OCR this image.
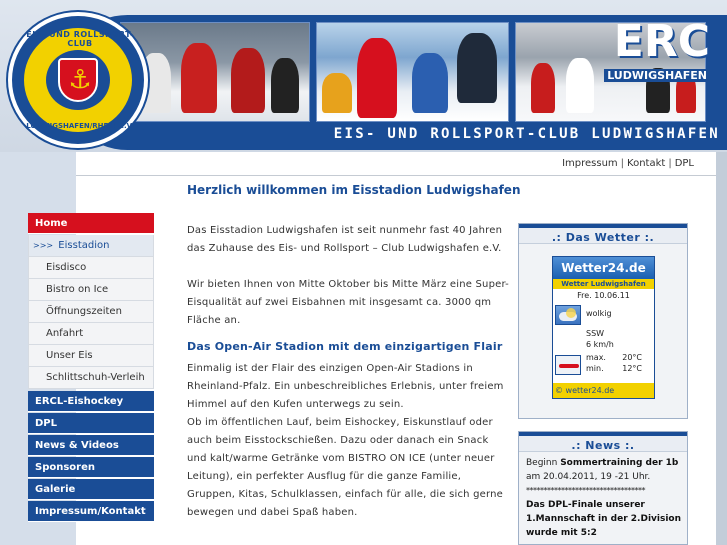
ERC
LUDWIGSHAFEN
EIS- UND ROLLSPORT-CLUB
⚓
LUDWIGSHAFEN/RHEIN e.V.	EIS- UND ROLLSPORT-CLUB LUDWIGSHAFEN
Impressum | Kontakt | DPL
Herzlich willkommen im Eisstadion Ludwigshafen
Home
>>> Eisstadion
Eisdisco
Bistro on Ice
Öffnungszeiten
Anfahrt
Unser Eis
Schlittschuh-Verleih
ERCL-Eishockey
DPL
News & Videos
Sponsoren
Galerie
Impressum/Kontakt

Das Eisstadion Ludwigshafen ist seit nunmehr fast 40 Jahren das Zuhause des Eis- und Rollsport – Club Ludwigshafen e.V.

Wir bieten Ihnen von Mitte Oktober bis Mitte März eine Super-Eisqualität auf zwei Eisbahnen mit insgesamt ca. 3000 qm Fläche an.

Das Open-Air Stadion mit dem einzigartigen Flair

Einmalig ist der Flair des einzigen Open-Air Stadions in Rheinland-Pfalz. Ein unbeschreibliches Erlebnis, unter freiem Himmel auf den Kufen unterwegs zu sein.

Ob im öffentlichen Lauf, beim Eishockey, Eiskunstlauf oder auch beim Eisstockschießen. Dazu oder danach ein Snack und kalt/warme Getränke vom BISTRO ON ICE (unter neuer Leitung), ein perfekter Ausflug für die ganze Familie, Gruppen, Kitas, Schulklassen, einfach für alle, die sich gerne bewegen und dabei Spaß haben.

.: Das Wetter :.
Wetter24.de
Wetter Ludwigshafen
Fre. 10.06.11
wolkig
SSW
6 km/h
max. 20°C
min. 12°C
© wetter24.de
.: News :.
Beginn Sommertraining der 1b am 20.04.2011, 19 -21 Uhr.
**********************************
Das DPL-Finale unserer 1.Mannschaft in der 2.Division wurde mit 5:2
